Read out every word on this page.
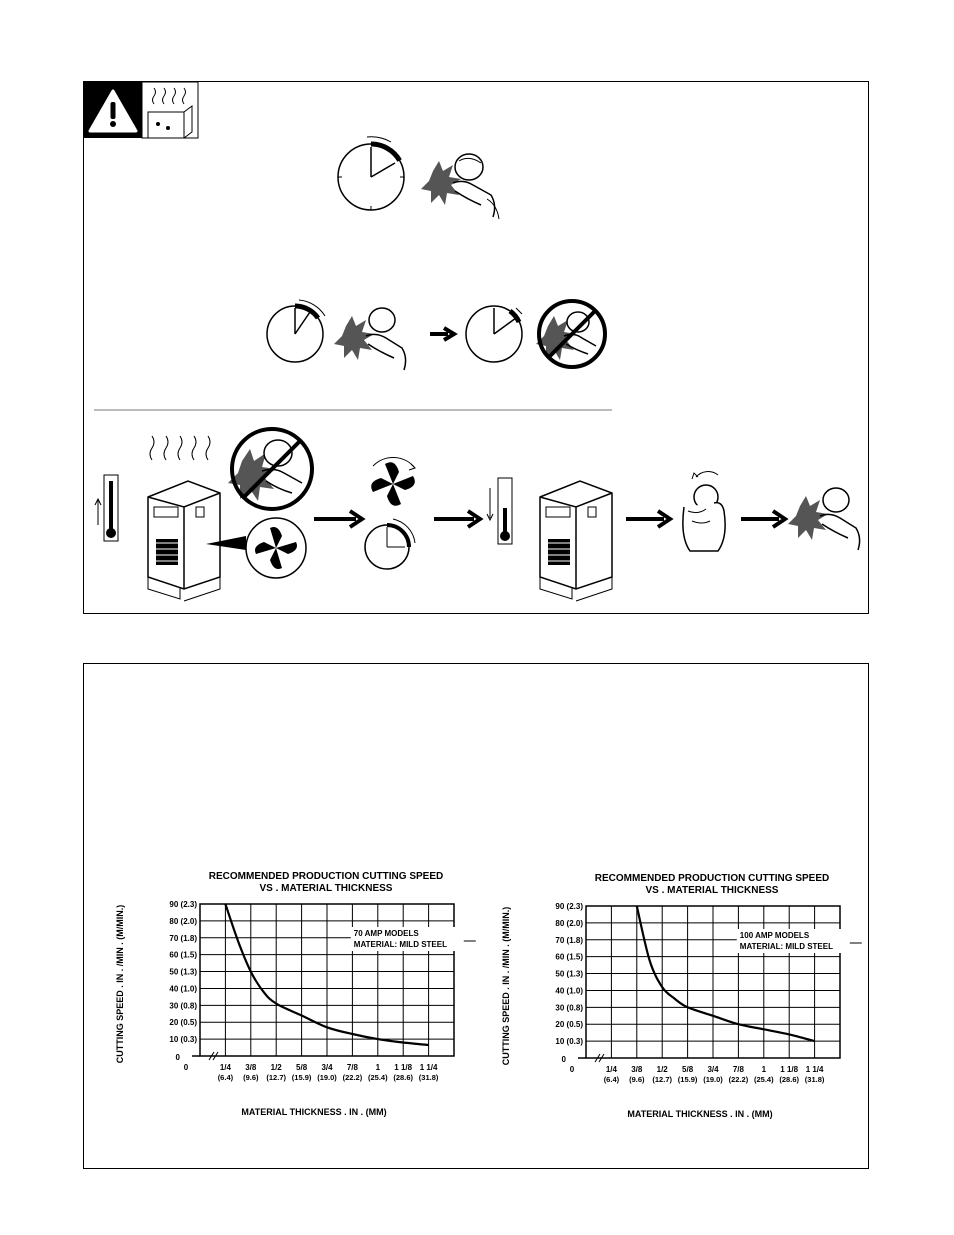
RECOMMENDED PRODUCTION CUTTING SPEED
VS . MATERIAL THICKNESS
CUTTING SPEED . IN . /MIN . (M/MIN.)
MATERIAL THICKNESS . IN . (MM)
10 (0.3)
20 (0.5)
30 (0.8)
40 (1.0)
50 (1.3)
60 (1.5)
70 (1.8)
80 (2.0)
90 (2.3)
1/4
(6.4)
3/8
(9.6)
1/2
(12.7)
5/8
(15.9)
3/4
(19.0)
7/8
(22.2)
1
(25.4)
1 1/8
(28.6)
1 1/4
(31.8)
0
0
70 AMP MODELS
MATERIAL: MILD STEEL
RECOMMENDED PRODUCTION CUTTING SPEED
VS . MATERIAL THICKNESS
CUTTING SPEED . IN . /MIN . (M/MIN.)
MATERIAL THICKNESS . IN . (MM)
10 (0.3)
20 (0.5)
30 (0.8)
40 (1.0)
50 (1.3)
60 (1.5)
70 (1.8)
80 (2.0)
90 (2.3)
1/4
(6.4)
3/8
(9.6)
1/2
(12.7)
5/8
(15.9)
3/4
(19.0)
7/8
(22.2)
1
(25.4)
1 1/8
(28.6)
1 1/4
(31.8)
0
0
100 AMP MODELS
MATERIAL: MILD STEEL
